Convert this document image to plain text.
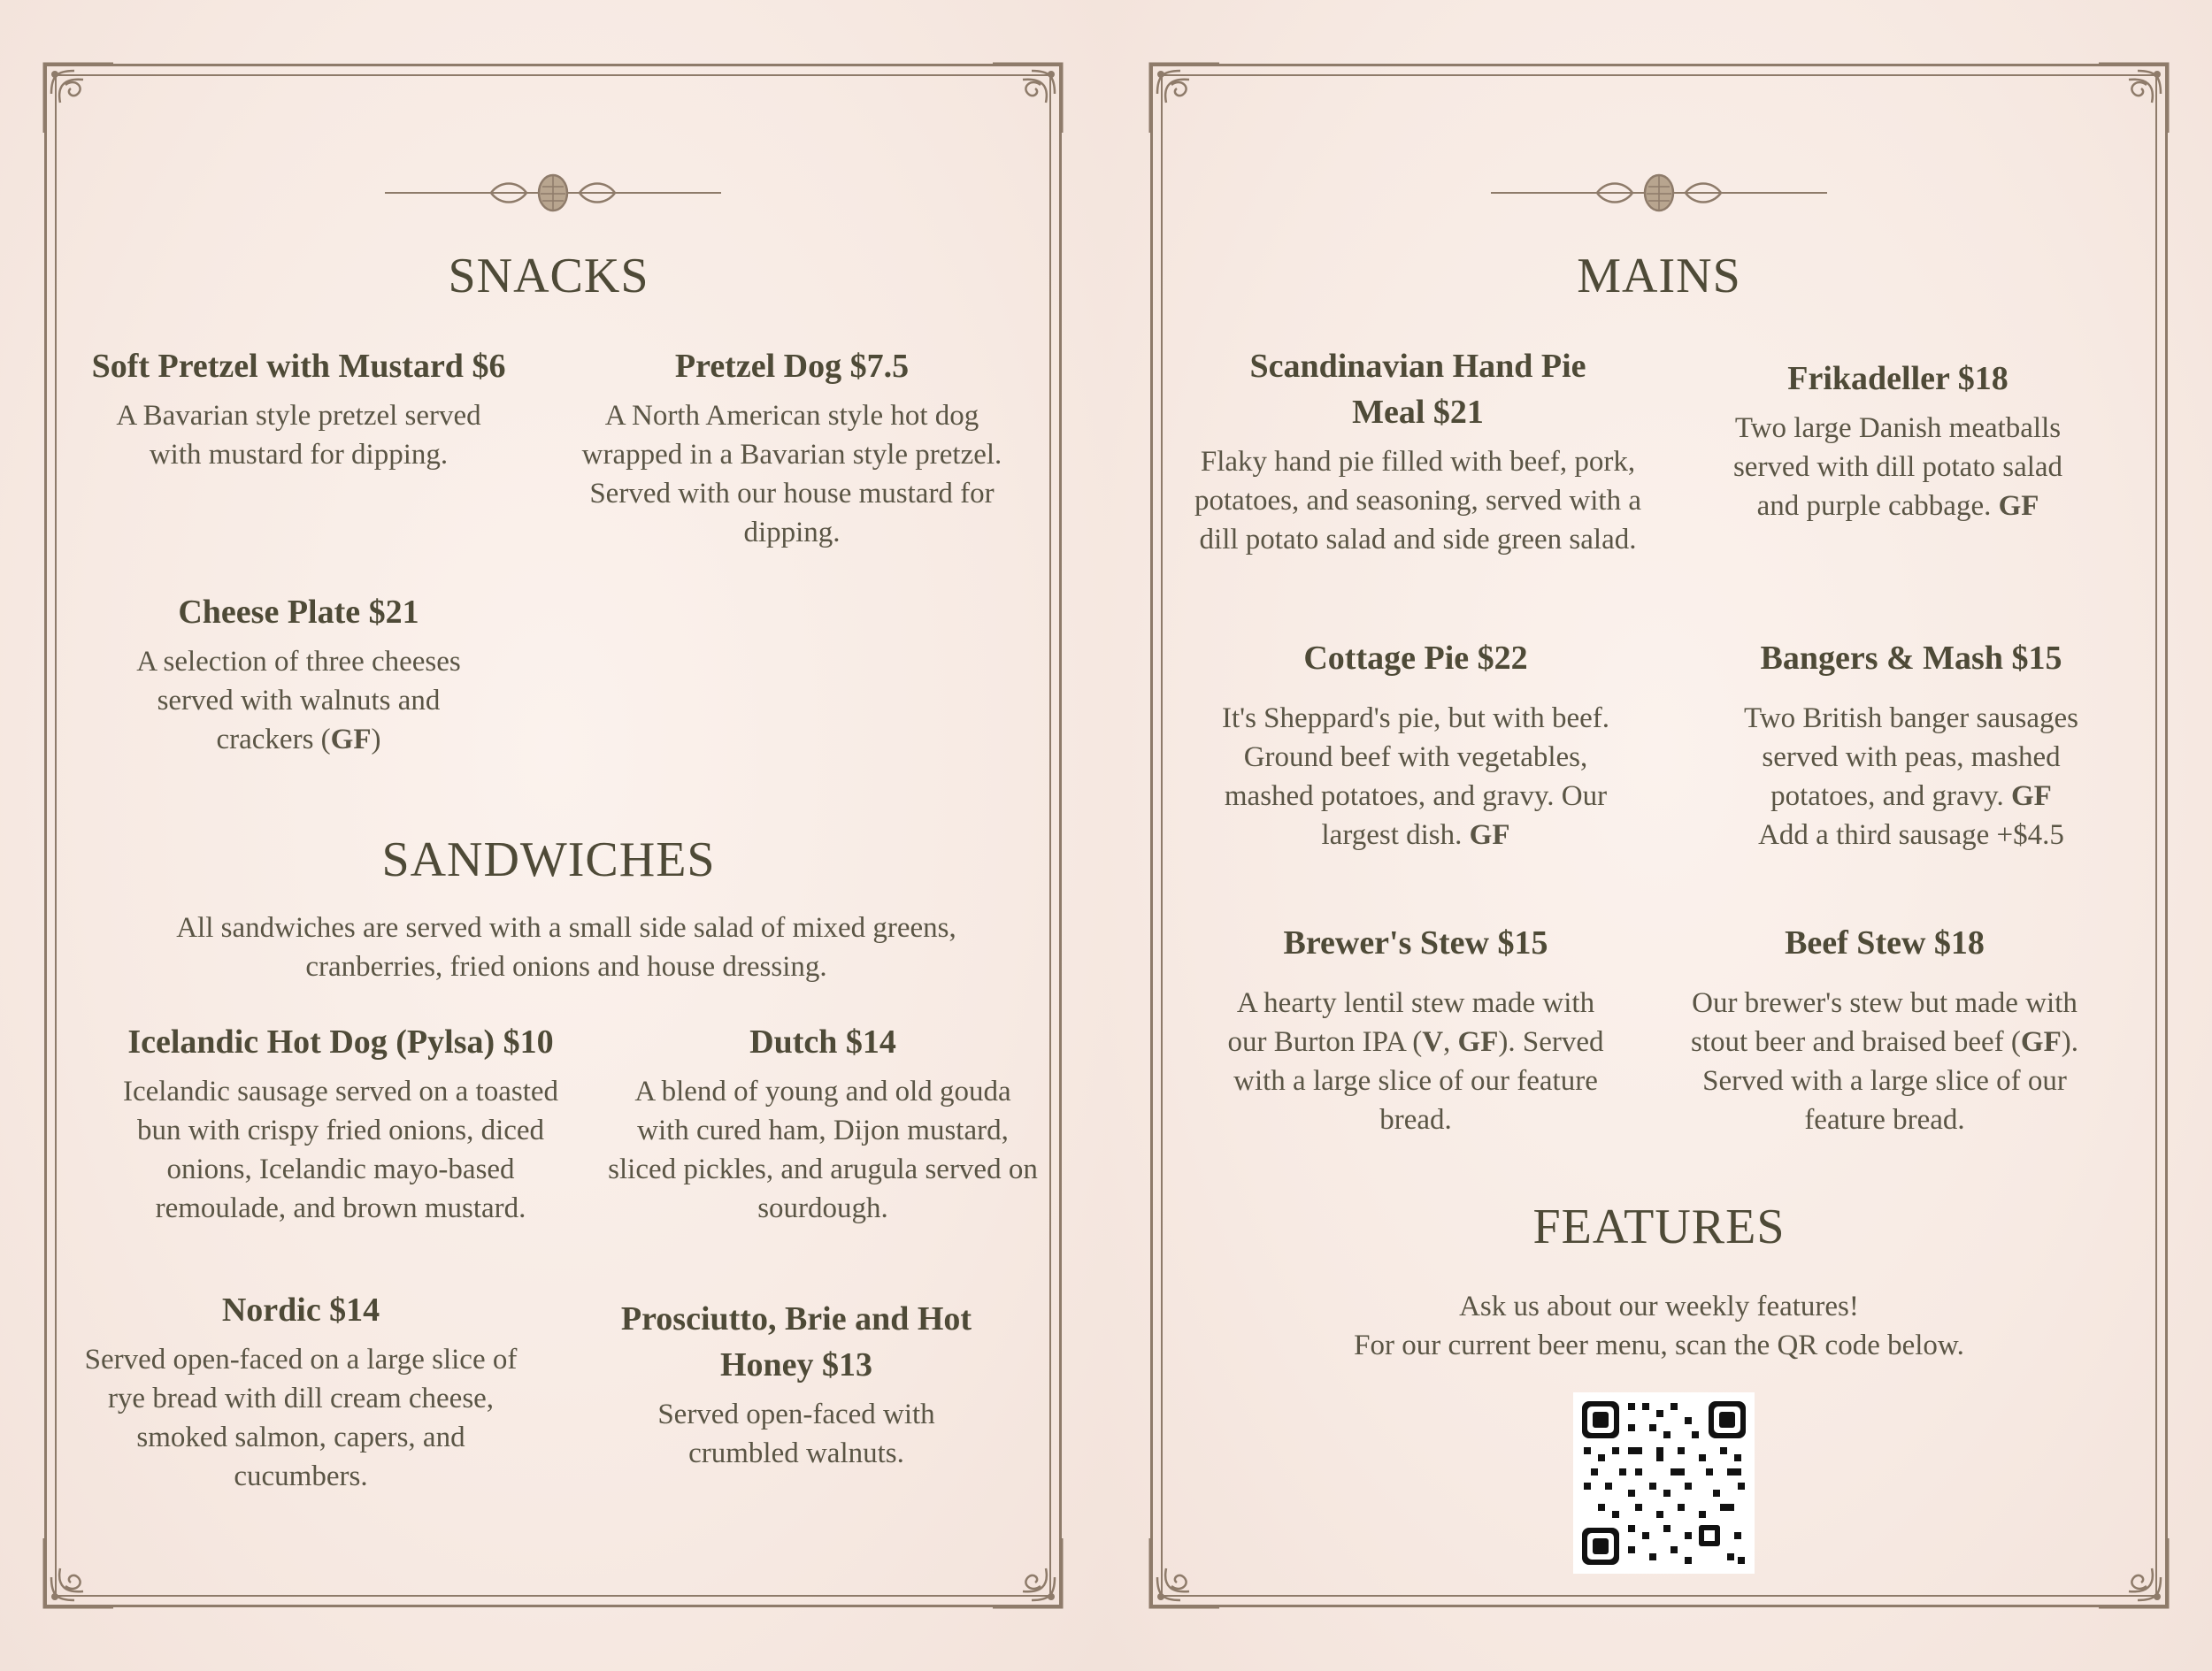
SNACKS
Soft Pretzel with Mustard $6
A Bavarian style pretzel served with mustard for dipping.
Pretzel Dog $7.5
A North American style hot dog wrapped in a Bavarian style pretzel. Served with our house mustard for dipping.
Cheese Plate $21
A selection of three cheeses served with walnuts and crackers (GF)
SANDWICHES
All sandwiches are served with a small side salad of mixed greens, cranberries, fried onions and house dressing.
Icelandic Hot Dog (Pylsa) $10
Icelandic sausage served on a toasted bun with crispy fried onions, diced onions, Icelandic mayo-based remoulade, and brown mustard.
Dutch $14
A blend of young and old gouda with cured ham, Dijon mustard, sliced pickles, and arugula served on sourdough.
Nordic $14
Served open-faced on a large slice of rye bread with dill cream cheese, smoked salmon, capers, and cucumbers.
Prosciutto, Brie and Hot Honey $13
Served open-faced with crumbled walnuts.
MAINS
Scandinavian Hand Pie Meal $21
Flaky hand pie filled with beef, pork, potatoes, and seasoning, served with a dill potato salad and side green salad.
Frikadeller $18
Two large Danish meatballs served with dill potato salad and purple cabbage. GF
Cottage Pie $22
It's Sheppard's pie, but with beef. Ground beef with vegetables, mashed potatoes, and gravy. Our largest dish. GF
Bangers & Mash $15
Two British banger sausages served with peas, mashed potatoes, and gravy. GF
Add a third sausage +$4.5
Brewer's Stew $15
A hearty lentil stew made with our Burton IPA (V, GF). Served with a large slice of our feature bread.
Beef Stew $18
Our brewer's stew but made with stout beer and braised beef (GF). Served with a large slice of our feature bread.
FEATURES
Ask us about our weekly features!
For our current beer menu, scan the QR code below.
